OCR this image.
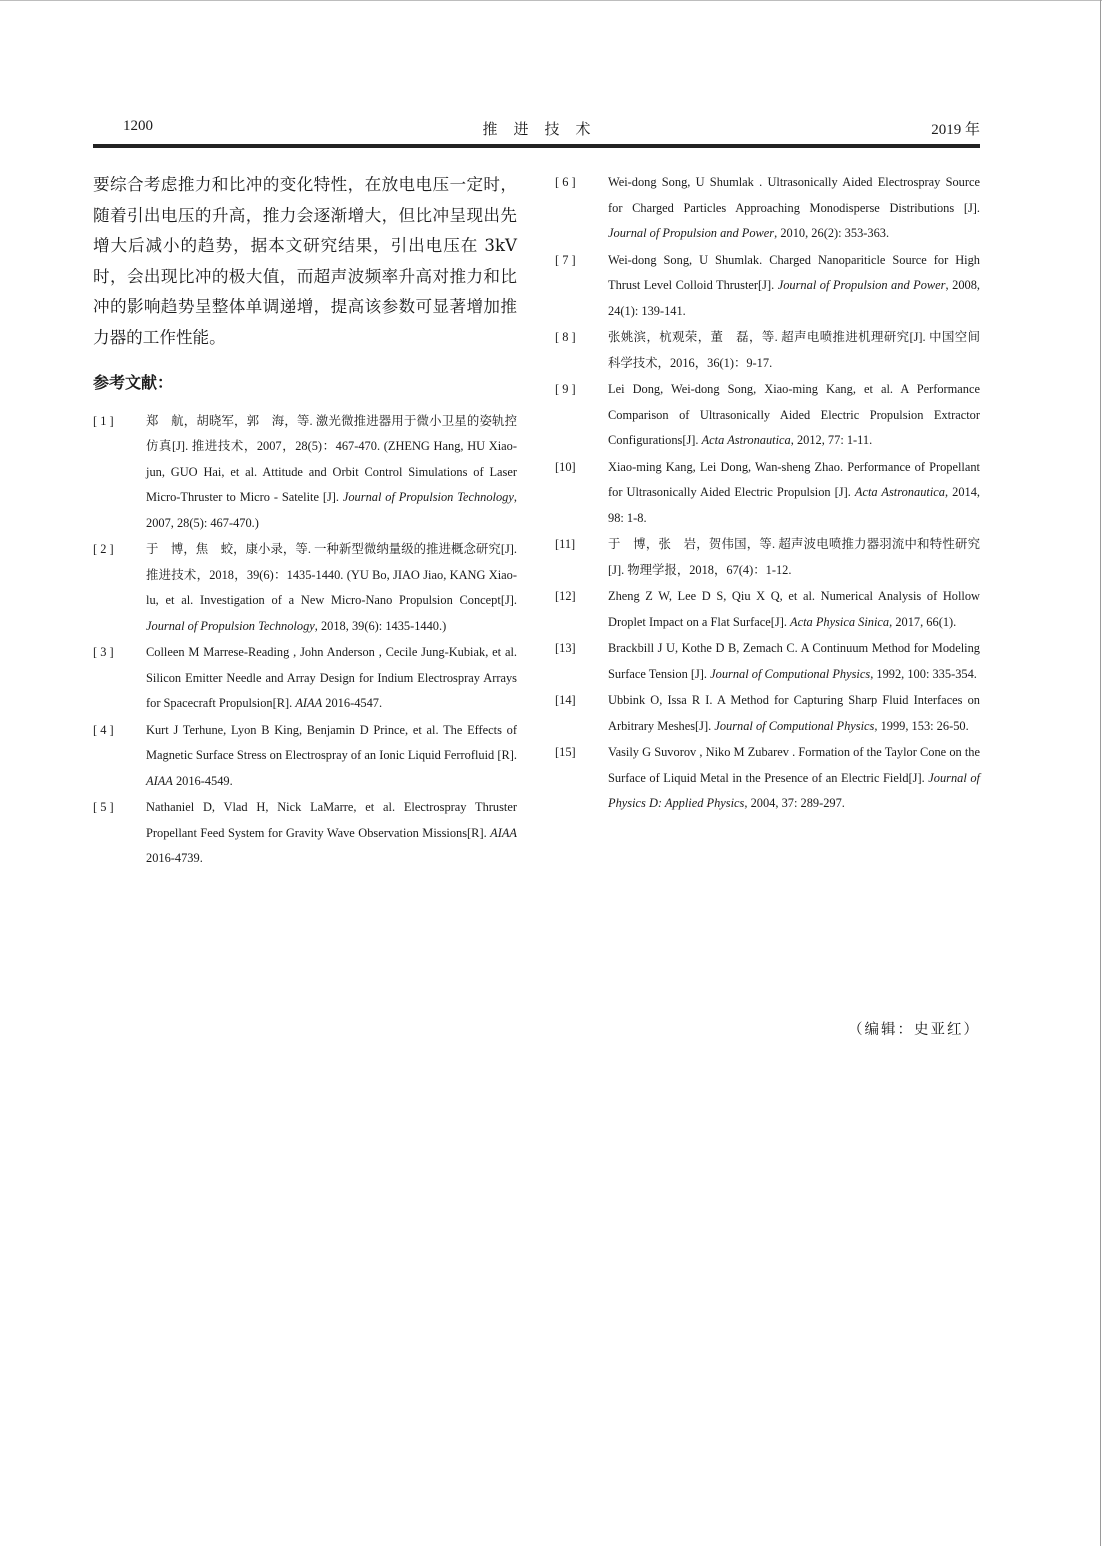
1200	推进技术	2019 年

要综合考虑推力和比冲的变化特性，在放电电压一定时，随着引出电压的升高，推力会逐渐增大，但比冲呈现出先增大后减小的趋势，据本文研究结果，引出电压在 3kV 时，会出现比冲的极大值，而超声波频率升高对推力和比冲的影响趋势呈整体单调递增，提高该参数可显著增加推力器的工作性能。

参考文献：
[ 1 ]	郑　航，胡晓军，郭　海，等. 激光微推进器用于微小卫星的姿轨控仿真[J]. 推进技术，2007，28(5)：467-470. (ZHENG Hang, HU Xiao-jun, GUO Hai, et al. Attitude and Orbit Control Simulations of Laser Micro-Thruster to Micro - Satelite [J]. Journal of Propulsion Technology, 2007, 28(5): 467-470.)
[ 2 ]	于　博，焦　蛟，康小录，等. 一种新型微纳量级的推进概念研究[J]. 推进技术，2018，39(6)：1435-1440. (YU Bo, JIAO Jiao, KANG Xiao-lu, et al. Investigation of a New Micro-Nano Propulsion Concept[J]. Journal of Propulsion Technology, 2018, 39(6): 1435-1440.)
[ 3 ]	Colleen M Marrese-Reading , John Anderson , Cecile Jung-Kubiak, et al. Silicon Emitter Needle and Array Design for Indium Electrospray Arrays for Spacecraft Propulsion[R]. AIAA 2016-4547.
[ 4 ]	Kurt J Terhune, Lyon B King, Benjamin D Prince, et al. The Effects of Magnetic Surface Stress on Electrospray of an Ionic Liquid Ferrofluid [R]. AIAA 2016-4549.
[ 5 ]	Nathaniel D, Vlad H, Nick LaMarre, et al. Electrospray Thruster Propellant Feed System for Gravity Wave Observation Missions[R]. AIAA 2016-4739.
[ 6 ]	Wei-dong Song, U Shumlak . Ultrasonically Aided Electrospray Source for Charged Particles Approaching Monodisperse Distributions [J]. Journal of Propulsion and Power, 2010, 26(2): 353-363.
[ 7 ]	Wei-dong Song, U Shumlak. Charged Nanopariticle Source for High Thrust Level Colloid Thruster[J]. Journal of Propulsion and Power, 2008, 24(1): 139-141.
[ 8 ]	张姚滨，杭观荣，董　磊，等. 超声电喷推进机理研究[J]. 中国空间科学技术，2016，36(1)：9-17.
[ 9 ]	Lei Dong, Wei-dong Song, Xiao-ming Kang, et al. A Performance Comparison of Ultrasonically Aided Electric Propulsion Extractor Configurations[J]. Acta Astronautica, 2012, 77: 1-11.
[10]	Xiao-ming Kang, Lei Dong, Wan-sheng Zhao. Performance of Propellant for Ultrasonically Aided Electric Propulsion [J]. Acta Astronautica, 2014, 98: 1-8.
[11]	于　博，张　岩，贺伟国，等. 超声波电喷推力器羽流中和特性研究[J]. 物理学报，2018，67(4)：1-12.
[12]	Zheng Z W, Lee D S, Qiu X Q, et al. Numerical Analysis of Hollow Droplet Impact on a Flat Surface[J]. Acta Physica Sinica, 2017, 66(1).
[13]	Brackbill J U, Kothe D B, Zemach C. A Continuum Method for Modeling Surface Tension [J]. Journal of Computional Physics, 1992, 100: 335-354.
[14]	Ubbink O, Issa R I. A Method for Capturing Sharp Fluid Interfaces on Arbitrary Meshes[J]. Journal of Computional Physics, 1999, 153: 26-50.
[15]	Vasily G Suvorov , Niko M Zubarev . Formation of the Taylor Cone on the Surface of Liquid Metal in the Presence of an Electric Field[J]. Journal of Physics D: Applied Physics, 2004, 37: 289-297.
（编辑：史亚红）
